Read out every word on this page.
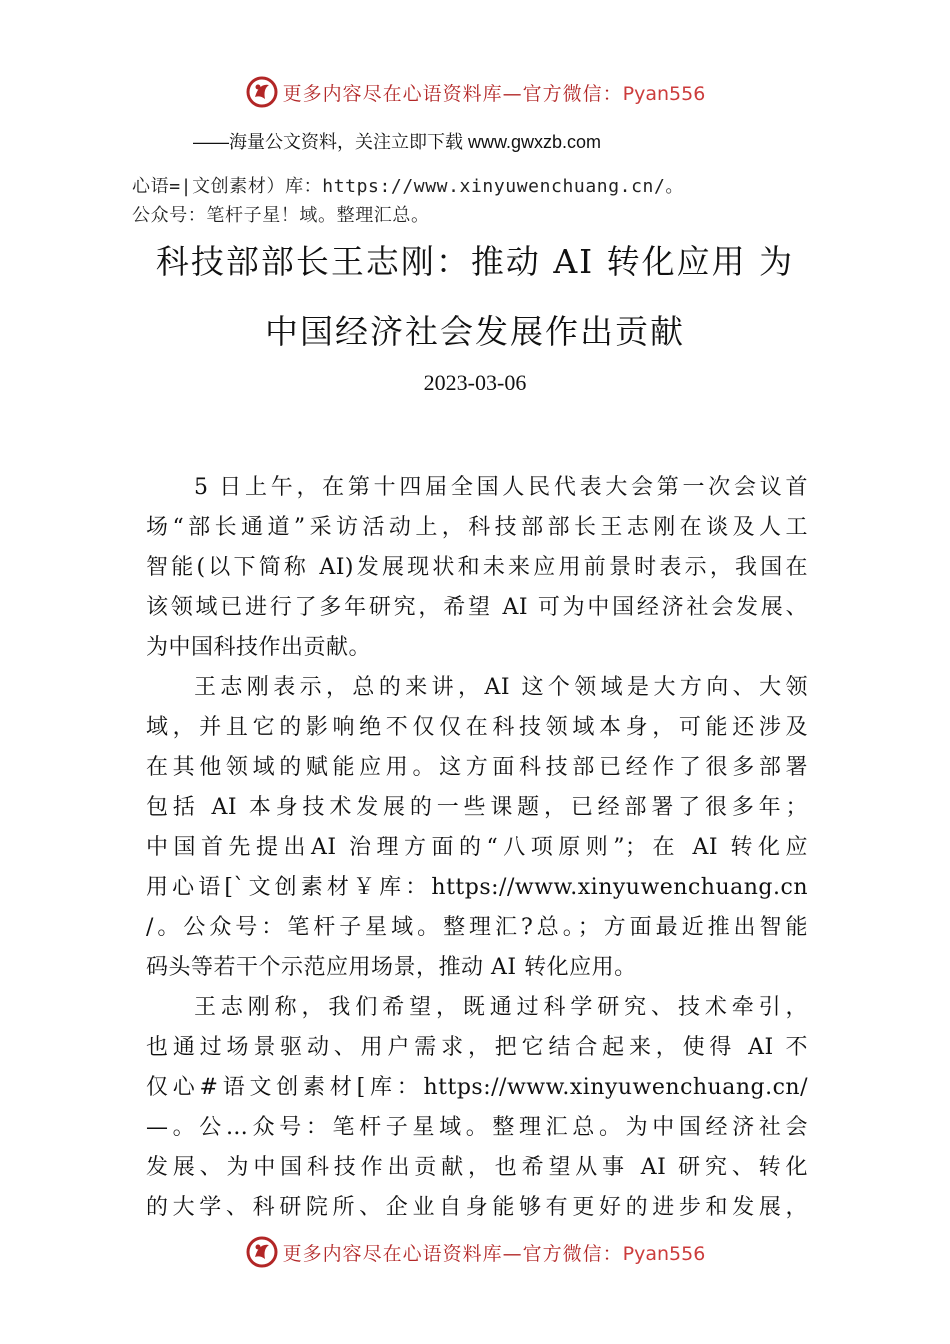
更多内容尽在心语资料库—官方微信：Pyan556
——海量公文资料，关注立即下载 www.gwxzb.com
心语=|文创素材）库：https://www.xinyuwenchuang.cn/。
公众号：笔杆子星！域。整理汇总。
科技部部长王志刚：推动 AI 转化应用 为
中国经济社会发展作出贡献
2023-03-06
5 日上午，在第十四届全国人民代表大会第一次会议首
场“部长通道”采访活动上，科技部部长王志刚在谈及人工
智能(以下简称 AI)发展现状和未来应用前景时表示，我国在
该领域已进行了多年研究，希望 AI 可为中国经济社会发展、
为中国科技作出贡献。
王志刚表示，总的来讲，AI 这个领域是大方向、大领
域，并且它的影响绝不仅仅在科技领域本身，可能还涉及
在其他领域的赋能应用。这方面科技部已经作了很多部署
包括 AI 本身技术发展的一些课题，已经部署了很多年；
中国首先提出AI 治理方面的“八项原则”；在 AI 转化应
用心语[`文创素材￥库：https://www.xinyuwenchuang.cn
/。公众号：笔杆子星域。整理汇?总。；方面最近推出智能
码头等若干个示范应用场景，推动 AI 转化应用。
王志刚称，我们希望，既通过科学研究、技术牵引，
也通过场景驱动、用户需求，把它结合起来，使得 AI 不
仅心#语文创素材[库：https://www.xinyuwenchuang.cn/
—。公…众号：笔杆子星域。整理汇总。为中国经济社会
发展、为中国科技作出贡献，也希望从事 AI 研究、转化
的大学、科研院所、企业自身能够有更好的进步和发展，
更多内容尽在心语资料库—官方微信：Pyan556
